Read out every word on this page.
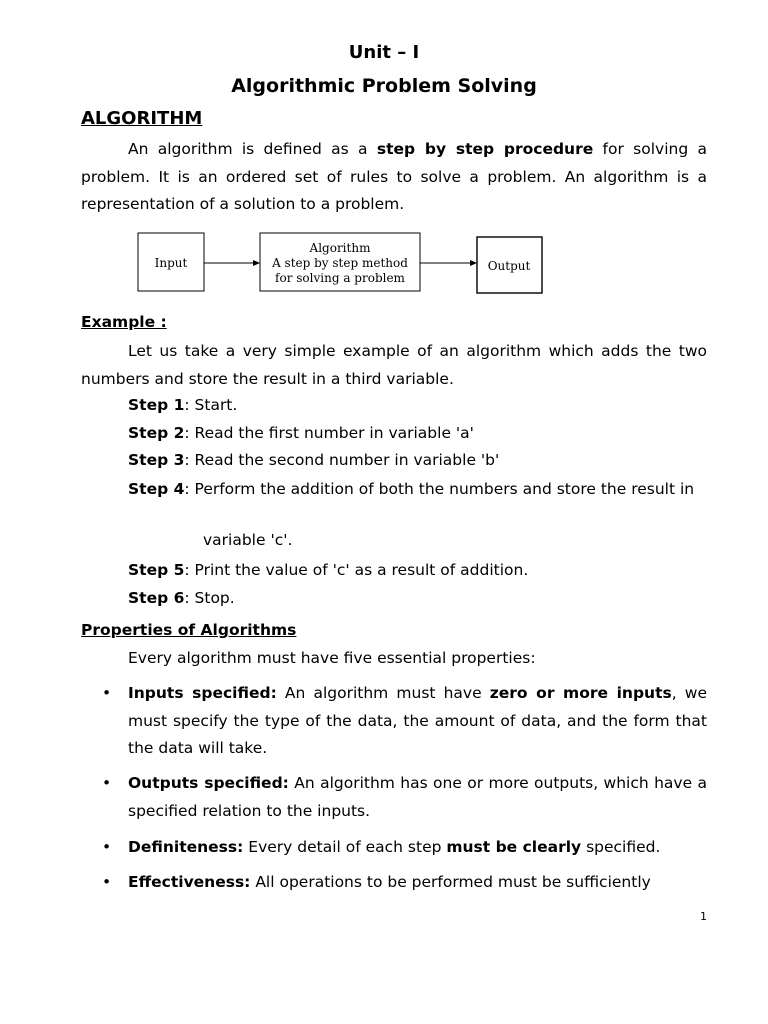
Unit – I
Algorithmic Problem Solving
ALGORITHM
An algorithm is defined as a step by step procedure for solving a problem. It is an ordered set of rules to solve a problem. An algorithm is a representation of a solution to a problem.
Input
Algorithm
A step by step method
for solving a problem
Output
Example :
Let us take a very simple example of an algorithm which adds the two numbers and store the result in a third variable.
Step 1: Start.
Step 2: Read the first number in variable 'a'
Step 3: Read the second number in variable 'b'
Step 4: Perform the addition of both the numbers and store the result in
variable 'c'.
Step 5: Print the value of 'c' as a result of addition.
Step 6: Stop.
Properties of Algorithms
Every algorithm must have five essential properties:
• Inputs specified: An algorithm must have zero or more inputs, we must specify the type of the data, the amount of data, and the form that the data will take.
• Outputs specified: An algorithm has one or more outputs, which have a specified relation to the inputs.
• Definiteness: Every detail of each step must be clearly specified.
• Effectiveness: All operations to be performed must be sufficiently
1
